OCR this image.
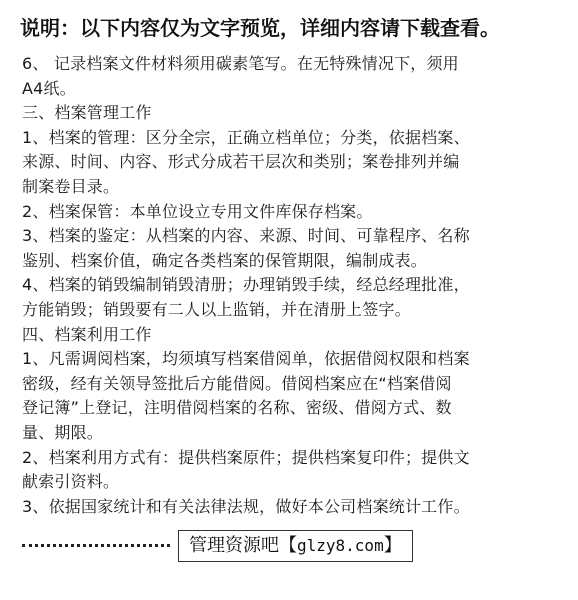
说明：以下内容仅为文字预览，详细内容请下载查看。
6、 记录档案文件材料须用碳素笔写。在无特殊情况下，须用
A4纸。
三、档案管理工作
1、档案的管理：区分全宗，正确立档单位；分类，依据档案、
来源、时间、内容、形式分成若干层次和类别；案卷排列并编
制案卷目录。
2、档案保管：本单位设立专用文件库保存档案。
3、档案的鉴定：从档案的内容、来源、时间、可靠程序、名称
鉴别、档案价值，确定各类档案的保管期限，编制成表。
4、档案的销毁编制销毁清册；办理销毁手续，经总经理批准，
方能销毁；销毁要有二人以上监销，并在清册上签字。
四、档案利用工作
1、凡需调阅档案，均须填写档案借阅单，依据借阅权限和档案
密级，经有关领导签批后方能借阅。借阅档案应在“档案借阅
登记簿”上登记，注明借阅档案的名称、密级、借阅方式、数
量、期限。
2、档案利用方式有：提供档案原件；提供档案复印件；提供文
献索引资料。
3、依据国家统计和有关法律法规，做好本公司档案统计工作。
管理资源吧【glzy8.com】
